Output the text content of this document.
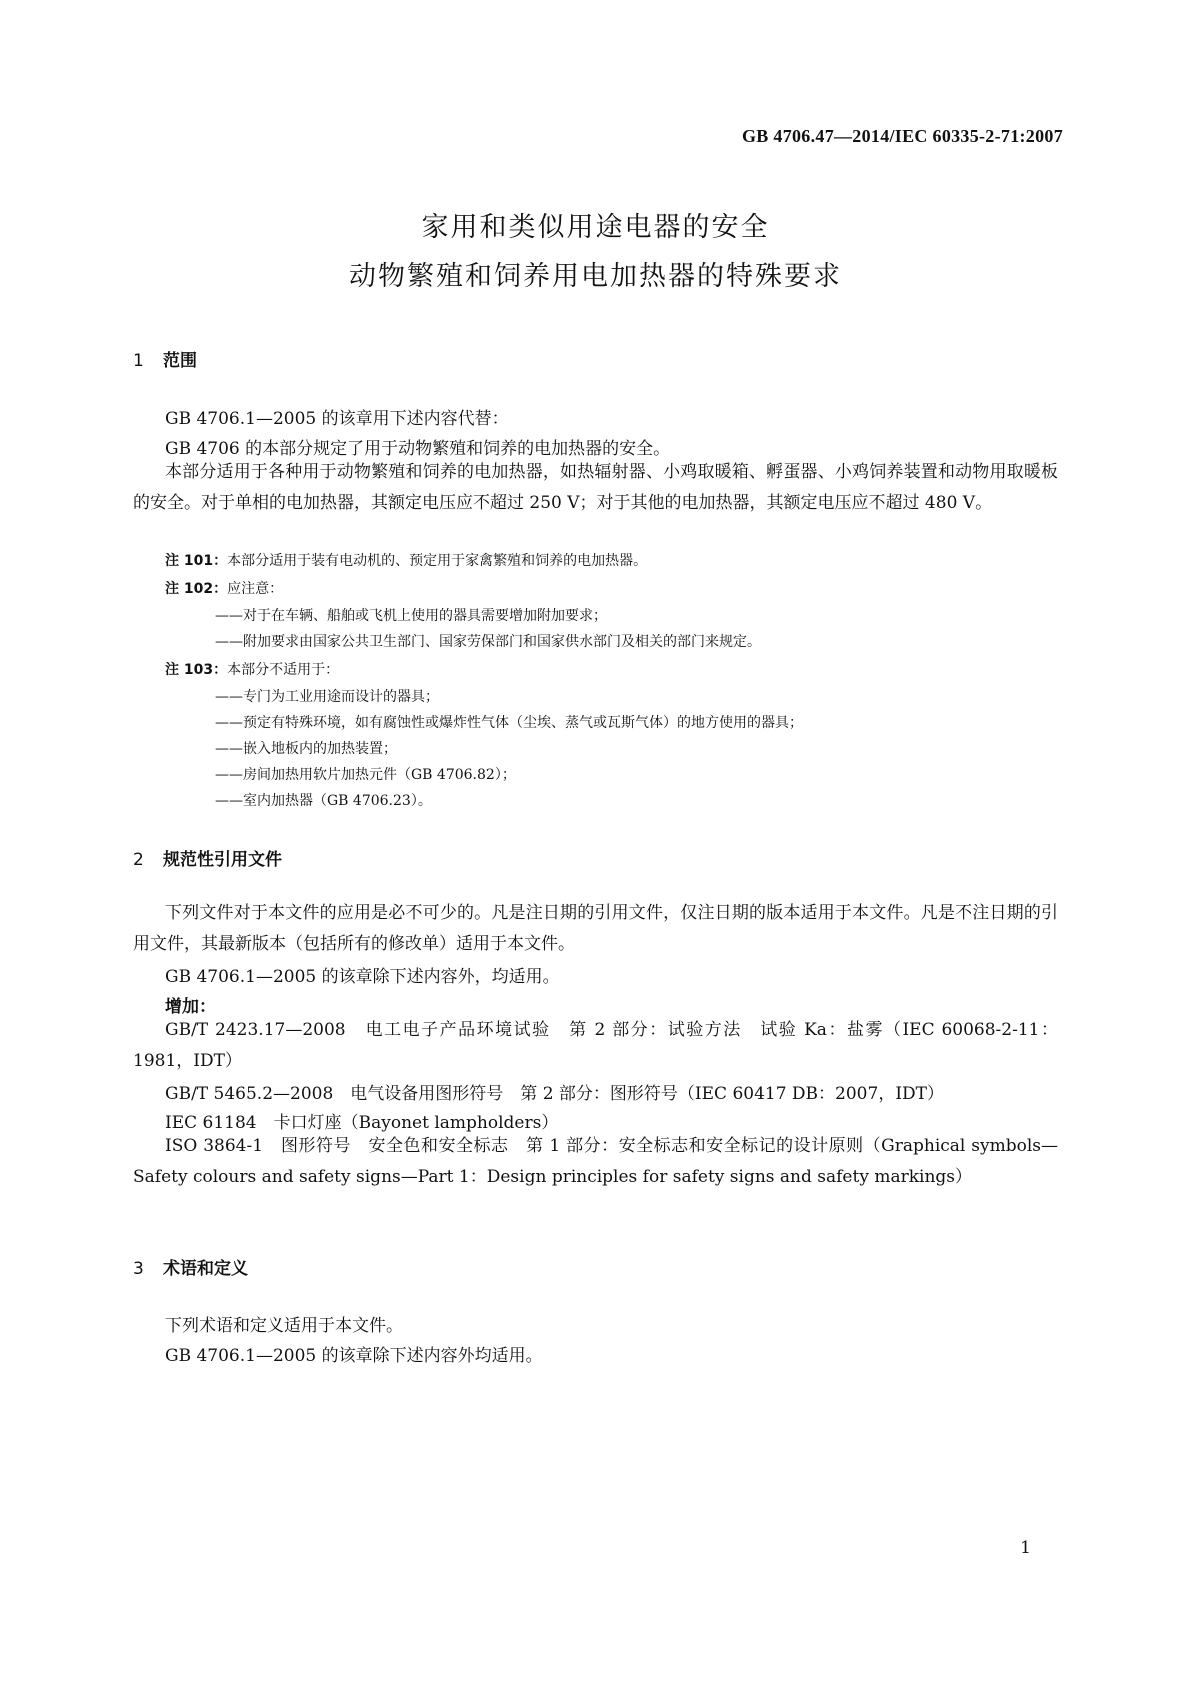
GB 4706.47—2014/IEC 60335-2-71:2007
家用和类似用途电器的安全
动物繁殖和饲养用电加热器的特殊要求
1 范围
GB 4706.1—2005 的该章用下述内容代替：
GB 4706 的本部分规定了用于动物繁殖和饲养的电加热器的安全。
本部分适用于各种用于动物繁殖和饲养的电加热器，如热辐射器、小鸡取暖箱、孵蛋器、小鸡饲养装置和动物用取暖板的安全。对于单相的电加热器，其额定电压应不超过 250 V；对于其他的电加热器，其额定电压应不超过 480 V。
注 101：本部分适用于装有电动机的、预定用于家禽繁殖和饲养的电加热器。
注 102：应注意：
——对于在车辆、船舶或飞机上使用的器具需要增加附加要求；
——附加要求由国家公共卫生部门、国家劳保部门和国家供水部门及相关的部门来规定。
注 103：本部分不适用于：
——专门为工业用途而设计的器具；
——预定有特殊环境，如有腐蚀性或爆炸性气体（尘埃、蒸气或瓦斯气体）的地方使用的器具；
——嵌入地板内的加热装置；
——房间加热用软片加热元件（GB 4706.82）；
——室内加热器（GB 4706.23）。
2 规范性引用文件
下列文件对于本文件的应用是必不可少的。凡是注日期的引用文件，仅注日期的版本适用于本文件。凡是不注日期的引用文件，其最新版本（包括所有的修改单）适用于本文件。
GB 4706.1—2005 的该章除下述内容外，均适用。
增加：
GB/T 2423.17—2008　电工电子产品环境试验　第 2 部分：试验方法　试验 Ka：盐雾（IEC 60068-2-11：1981，IDT）
GB/T 5465.2—2008　电气设备用图形符号　第 2 部分：图形符号（IEC 60417 DB：2007，IDT）
IEC 61184　卡口灯座（Bayonet lampholders）
ISO 3864-1　图形符号　安全色和安全标志　第 1 部分：安全标志和安全标记的设计原则（Graphical symbols—Safety colours and safety signs—Part 1：Design principles for safety signs and safety markings）
3 术语和定义
下列术语和定义适用于本文件。
GB 4706.1—2005 的该章除下述内容外均适用。
1
